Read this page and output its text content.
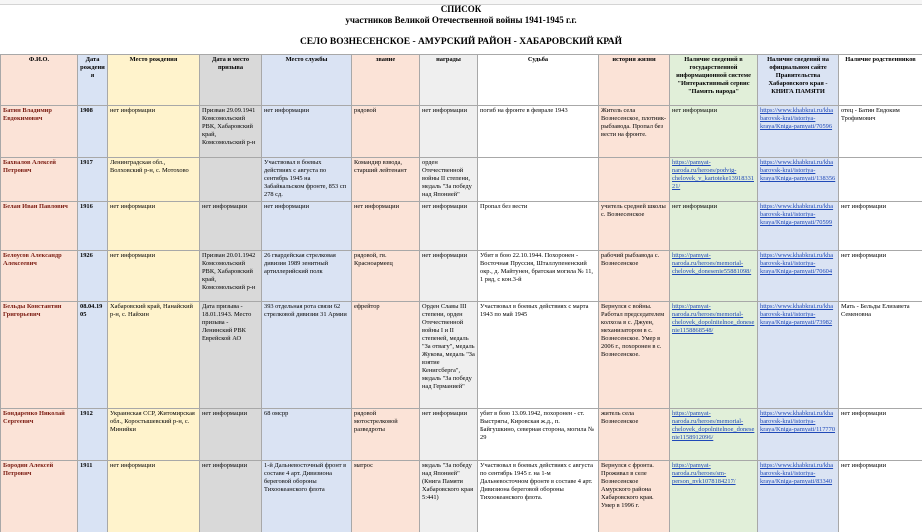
СПИСОК
участников Великой Отечественной войны 1941-1945 г.г.
СЕЛО ВОЗНЕСЕНСКОЕ - АМУРСКИЙ РАЙОН - ХАБАРОВСКИЙ КРАЙ
Ф.И.О.	Дата рождения	Место рождения	Дата и место призыва	Место службы	звание	награды	Судьба	история жизни	Наличие сведений в государственной информационной системе "Интерактивный сервис "Память народа"	Наличие сведений на официальном сайте Правительства Хабаровского края - КНИГА ПАМЯТИ	Наличие родственников
Батин Владимир Евдокимович	1908	нет информации	Призван 29.09.1941 Комсомольский РВК, Хабаровский край, Комсомольский р-н	нет информации	рядовой	нет информации	погиб на фронте в феврале 1943	Житель села Вознесенское, плотник-рыбзавода. Пропал без вести на фронте.	нет информации	https://www.khabkrai.ru/khabarovsk-krai/istoriya-kraya/Kniga-pamyati/70596	отец - Батин Евдоким Трофимович
Бахвалов Алексей Петрович	1917	Ленинградская обл., Волховский р-н, с. Мотохово		Участвовал в боевых действиях с августа по сентябрь 1945 на Забайкальском фронте, 853 сп 278 сд.	Командир взвода, старший лейтенант	орден Отечественной войны II степени, медаль "За победу над Японией"			https://pamyat-naroda.ru/heroes/podvig-chelovek_v_kartoteke1391833121/	https://www.khabkrai.ru/khabarovsk-krai/istoriya-kraya/Kniga-pamyati/138356	
Белан Иван Павлович	1916	нет информации	нет информации	нет информации	нет информации	нет информации	Пропал без вести	учитель средней школы с. Вознесенское	нет информации	https://www.khabkrai.ru/khabarovsk-krai/istoriya-kraya/Kniga-pamyati/70599	нет информации
Белоусов Александр Алексеевич	1926	нет информации	Призван 20.01.1942 Комсомольский РВК, Хабаровский край, Комсомольский р-н	26 гвардейская стрелковая дивизия 1989 зенитный артиллерийский полк	рядовой, гв. Красноармеец	нет информации	Убит в бою 22.10.1944. Похоронен - Восточная Пруссия, Шталлупененский окр., д. Майтунен, братская могила № 11, 1 ряд, с кон.3-й	рабочий рыбзавода с. Вознесенское	https://pamyat-naroda.ru/heroes/memorial-chelovek_donesenie55881098/	https://www.khabkrai.ru/khabarovsk-krai/istoriya-kraya/Kniga-pamyati/70604	нет информации
Бельды Константин Григорьевич	08.04.1905	Хабаровский край, Нанайский р-н, с. Найхин	Дата призыва - 18.01.1943. Место призыва - Ленинский РВК Еврейской АО	393 отдельная рота связи 62 стрелковой дивизии 31 Армии	ефрейтор	Орден Славы III степени, орден Отечественной войны I и II степеней, медаль "За отвагу", медаль Жукова, медаль "За взятие Кенигсберга", медаль "За победу над Германией"	Участвовал в боевых действиях с марта 1943 по май 1945	Вернулся с войны. Работал председателем колхоза в с. Джуен, механизатором в с. Вознесенское. Умер в 2006 г., похоронен в с. Вознесенское.	https://pamyat-naroda.ru/heroes/memorial-chelovek_dopolnitelnoe_donesenie1158868548/	https://www.khabkrai.ru/khabarovsk-krai/istoriya-kraya/Kniga-pamyati/73982	Мать - Бельды Елизавета Семеновна
Бондаренко Николай Сергеевич	1912	Украинская ССР, Житомирская обл., Коростышевский р-н, с. Минийки	нет информации	68 омсрр	рядовой мотострелковой разведроты	нет информации	убит в бою 13.09.1942, похоронен - ст. Выстрягы, Кировская ж.д., п. Байгушкино, северная сторона, могила № 29	житель села Вознесенское	https://pamyat-naroda.ru/heroes/memorial-chelovek_dopolnitelnoe_donesenie1158912096/	https://www.khabkrai.ru/khabarovsk-krai/istoriya-kraya/Kniga-pamyati/117770	нет информации
Бородин Алексей Петрович	1911	нет информации	нет информации	1-й Дальневосточный фронт в составе 4 арт. Дивизиона береговой обороны Тихоокеанского флота	матрос	медаль "За победу над Японией" (Книга Памяти Хабаровского края 5:441)	Участвовал в боевых действиях с августа по сентябрь 1945 г. на 1-м Дальневосточном фронте в составе 4 арт. Дивизиона береговой обороны Тихоокеанского флота.	Вернулся с фронта. Проживал в селе Вознесенское Амурского района Хабаровского края. Умер в 1996 г.	https://pamyat-naroda.ru/heroes/sm-person_nvk1078184217/	https://www.khabkrai.ru/khabarovsk-krai/istoriya-kraya/Kniga-pamyati/83340	нет информации
